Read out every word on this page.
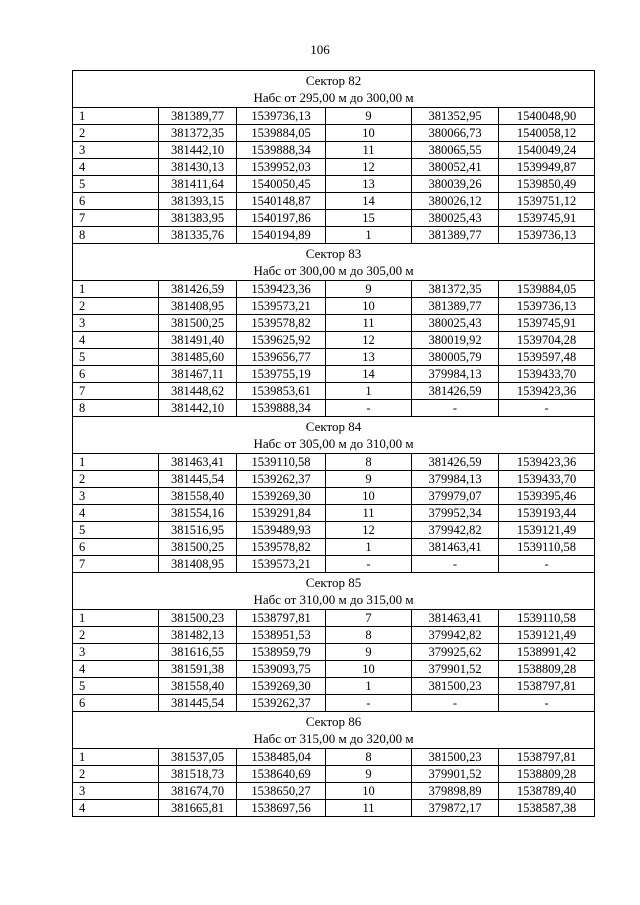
106
Сектор 82
Набс от 295,00 м до 300,00 м					

1	381389,77	1539736,13	9	381352,95	1540048,90
2	381372,35	1539884,05	10	380066,73	1540058,12
3	381442,10	1539888,34	11	380065,55	1540049,24
4	381430,13	1539952,03	12	380052,41	1539949,87
5	381411,64	1540050,45	13	380039,26	1539850,49
6	381393,15	1540148,87	14	380026,12	1539751,12
7	381383,95	1540197,86	15	380025,43	1539745,91
8	381335,76	1540194,89	1	381389,77	1539736,13

Сектор 83
Набс от 300,00 м до 305,00 м					

1	381426,59	1539423,36	9	381372,35	1539884,05
2	381408,95	1539573,21	10	381389,77	1539736,13
3	381500,25	1539578,82	11	380025,43	1539745,91
4	381491,40	1539625,92	12	380019,92	1539704,28
5	381485,60	1539656,77	13	380005,79	1539597,48
6	381467,11	1539755,19	14	379984,13	1539433,70
7	381448,62	1539853,61	1	381426,59	1539423,36
8	381442,10	1539888,34	-	-	-

Сектор 84
Набс от 305,00 м до 310,00 м					

1	381463,41	1539110,58	8	381426,59	1539423,36
2	381445,54	1539262,37	9	379984,13	1539433,70
3	381558,40	1539269,30	10	379979,07	1539395,46
4	381554,16	1539291,84	11	379952,34	1539193,44
5	381516,95	1539489,93	12	379942,82	1539121,49
6	381500,25	1539578,82	1	381463,41	1539110,58
7	381408,95	1539573,21	-	-	-

Сектор 85
Набс от 310,00 м до 315,00 м					

1	381500,23	1538797,81	7	381463,41	1539110,58
2	381482,13	1538951,53	8	379942,82	1539121,49
3	381616,55	1538959,79	9	379925,62	1538991,42
4	381591,38	1539093,75	10	379901,52	1538809,28
5	381558,40	1539269,30	1	381500,23	1538797,81
6	381445,54	1539262,37	-	-	-

Сектор 86
Набс от 315,00 м до 320,00 м					

1	381537,05	1538485,04	8	381500,23	1538797,81
2	381518,73	1538640,69	9	379901,52	1538809,28
3	381674,70	1538650,27	10	379898,89	1538789,40
4	381665,81	1538697,56	11	379872,17	1538587,38
